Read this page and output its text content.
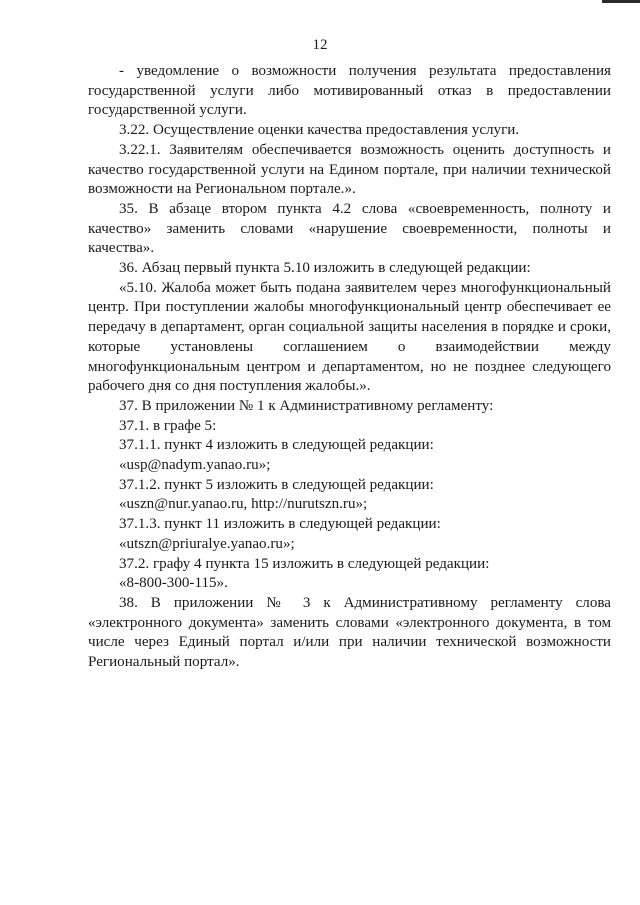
12

- уведомление о возможности получения результата предоставления государственной услуги либо мотивированный отказ в предоставлении государственной услуги.

3.22. Осуществление оценки качества предоставления услуги.

3.22.1. Заявителям обеспечивается возможность оценить доступность и качество государственной услуги на Едином портале, при наличии технической возможности на Региональном портале.».

35. В абзаце втором пункта 4.2 слова «своевременность, полноту и качество» заменить словами «нарушение своевременности, полноты и качества».

36. Абзац первый пункта 5.10 изложить в следующей редакции:

«5.10. Жалоба может быть подана заявителем через многофункциональный центр. При поступлении жалобы многофункциональный центр обеспечивает ее передачу в департамент, орган социальной защиты населения в порядке и сроки, которые установлены соглашением о взаимодействии между многофункциональным центром и департаментом, но не позднее следующего рабочего дня со дня поступления жалобы.».

37. В приложении № 1 к Административному регламенту:

37.1. в графе 5:

37.1.1. пункт 4 изложить в следующей редакции:

«usp@nadym.yanao.ru»;

37.1.2. пункт 5 изложить в следующей редакции:

«uszn@nur.yanao.ru, http://nurutszn.ru»;

37.1.3. пункт 11 изложить в следующей редакции:

«utszn@priuralye.yanao.ru»;

37.2. графу 4 пункта 15 изложить в следующей редакции:

«8-800-300-115».

38. В приложении № 3 к Административному регламенту слова «электронного документа» заменить словами «электронного документа, в том числе через Единый портал и/или при наличии технической возможности Региональный портал».
